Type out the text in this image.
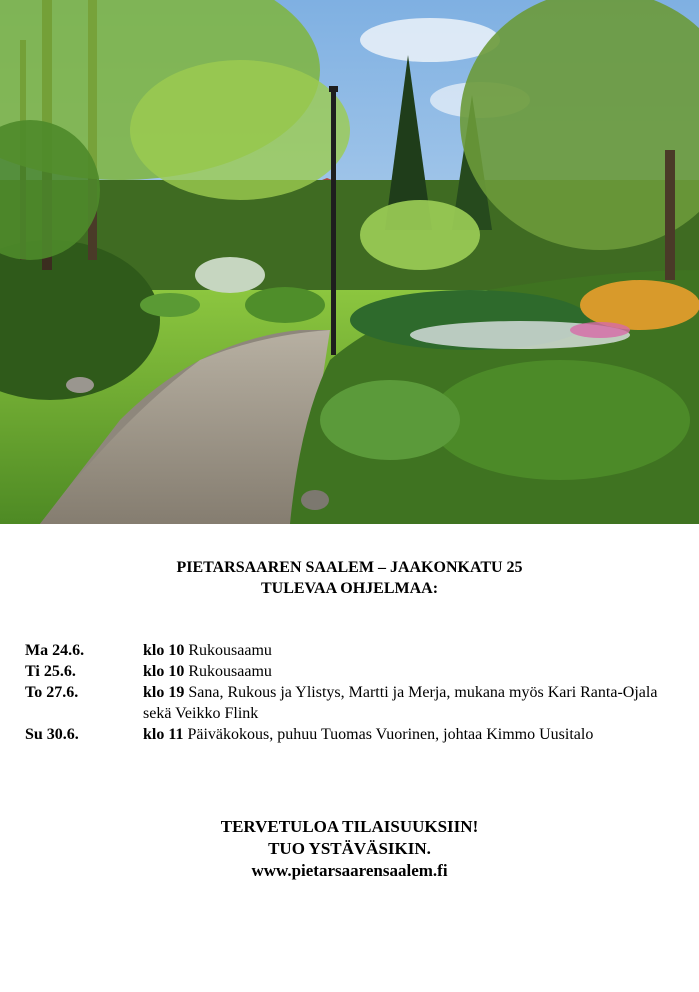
PIETARSAAREN SAALEM – JAAKONKATU 25
TULEVAA OHJELMAA:
Ma 24.6.	klo 10 Rukousaamu
Ti 25.6.	klo 10 Rukousaamu
To 27.6.	klo 19 Sana, Rukous ja Ylistys, Martti ja Merja, mukana myös Kari Ranta-Ojala sekä Veikko Flink
Su 30.6.	klo 11 Päiväkokous, puhuu Tuomas Vuorinen, johtaa Kimmo Uusitalo
TERVETULOA TILAISUUKSIIN!
TUO YSTÄVÄSIKIN.
www.pietarsaarensaalem.fi
